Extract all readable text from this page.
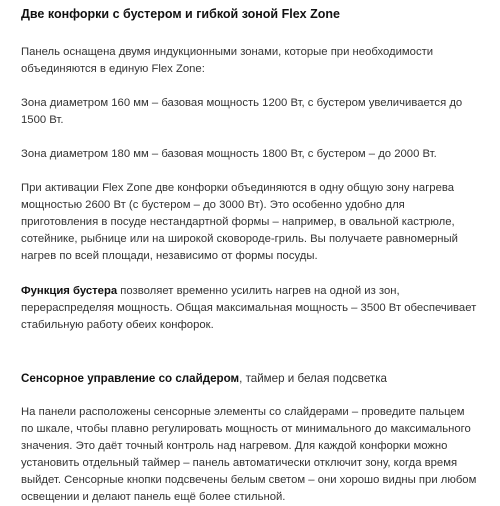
Две конфорки с бустером и гибкой зоной Flex Zone

Панель оснащена двумя индукционными зонами, которые при необходимости объединяются в единую Flex Zone:

Зона диаметром 160 мм – базовая мощность 1200 Вт, с бустером увеличивается до 1500 Вт.

Зона диаметром 180 мм – базовая мощность 1800 Вт, с бустером – до 2000 Вт.

При активации Flex Zone две конфорки объединяются в одну общую зону нагрева мощностью 2600 Вт (с бустером – до 3000 Вт). Это особенно удобно для приготовления в посуде нестандартной формы – например, в овальной кастрюле, сотейнике, рыбнице или на широкой сковороде-гриль. Вы получаете равномерный нагрев по всей площади, независимо от формы посуды.

Функция бустера позволяет временно усилить нагрев на одной из зон, перераспределяя мощность. Общая максимальная мощность – 3500 Вт обеспечивает стабильную работу обеих конфорок.

Сенсорное управление со слайдером, таймер и белая подсветка

На панели расположены сенсорные элементы со слайдерами – проведите пальцем по шкале, чтобы плавно регулировать мощность от минимального до максимального значения. Это даёт точный контроль над нагревом. Для каждой конфорки можно установить отдельный таймер – панель автоматически отключит зону, когда время выйдет. Сенсорные кнопки подсвечены белым светом – они хорошо видны при любом освещении и делают панель ещё более стильной.
